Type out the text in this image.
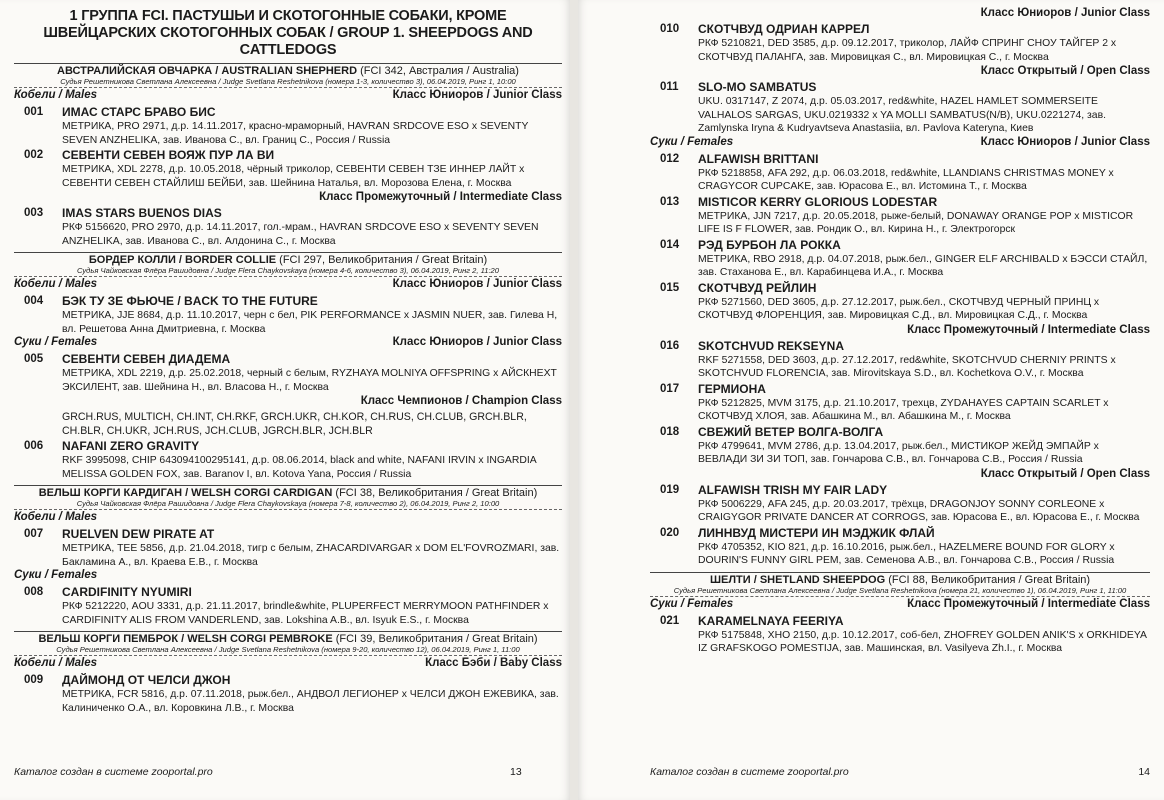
1 ГРУППА FCI. ПАСТУШЬИ И СКОТОГОННЫЕ СОБАКИ, КРОМЕ ШВЕЙЦАРСКИХ СКОТОГОННЫХ СОБАК / GROUP 1. SHEEPDOGS AND CATTLEDOGS
АВСТРАЛИЙСКАЯ ОВЧАРКА / AUSTRALIAN SHEPHERD (FCI 342, Австралия / Australia)
Судья Решетникова Светлана Алексеевна / Judge Svetlana Reshetnikova (номера 1-3, количество 3), 06.04.2019, Ринг 1, 10:00
Кобели / Males	Класс Юниоров / Junior Class
001	ИМАС СТАРС БРАВО БИС
МЕТРИКА, PRO 2971, д.р. 14.11.2017, красно-мраморный, HAVRAN SRDCOVE ESO x SEVENTY SEVEN ANZHELIKA, зав. Иванова С., вл. Границ С., Россия / Russia
002	СЕВЕНТИ СЕВЕН ВОЯЖ ПУР ЛА ВИ
МЕТРИКА, XDL 2278, д.р. 10.05.2018, чёрный триколор, СЕВЕНТИ СЕВЕН ТЗЕ ИННЕР ЛАЙТ x СЕВЕНТИ СЕВЕН СТАЙЛИШ БЕЙБИ, зав. Шейнина Наталья, вл. Морозова Елена, г. Москва
Класс Промежуточный / Intermediate Class
003	IMAS STARS BUENOS DIAS
РКФ 5156620, PRO 2970, д.р. 14.11.2017, гол.-мрам., HAVRAN SRDCOVE ESO x SEVENTY SEVEN ANZHELIKA, зав. Иванова С., вл. Алдонина С., г. Москва
БОРДЕР КОЛЛИ / BORDER COLLIE (FCI 297, Великобритания / Great Britain)
Судья Чайковская Флёра Рашидовна / Judge Flera Chaykovskaya (номера 4-6, количество 3), 06.04.2019, Ринг 2, 11:20
Кобели / Males	Класс Юниоров / Junior Class
004	БЭК ТУ ЗЕ ФЬЮЧЕ / BACK TO THE FUTURE
МЕТРИКА, JJE 8684, д.р. 11.10.2017, черн с бел, PIK PERFORMANCE x JASMIN NUER, зав. Гилева Н, вл. Решетова Анна Дмитриевна, г. Москва
Суки / Females	Класс Юниоров / Junior Class
005	СЕВЕНТИ СЕВЕН ДИАДЕМА
МЕТРИКА, XDL 2219, д.р. 25.02.2018, черный с белым, RYZHAYA MOLNIYA OFFSPRING x АЙСКНЕХТ ЭКСИЛЕНТ, зав. Шейнина Н., вл. Власова Н., г. Москва
Класс Чемпионов / Champion Class
GRCH.RUS, MULTICH, CH.INT, CH.RKF, GRCH.UKR, CH.KOR, CH.RUS, CH.CLUB, GRCH.BLR, CH.BLR, CH.UKR, JCH.RUS, JCH.CLUB, JGRCH.BLR, JCH.BLR
006	NAFANI ZERO GRAVITY
RKF 3995098, CHIP 643094100295141, д.р. 08.06.2014, black and white, NAFANI IRVIN x INGARDIA MELISSA GOLDEN FOX, зав. Baranov I, вл. Kotova Yana, Россия / Russia
ВЕЛЬШ КОРГИ КАРДИГАН / WELSH CORGI CARDIGAN (FCI 38, Великобритания / Great Britain)
Судья Чайковская Флёра Рашидовна / Judge Flera Chaykovskaya (номера 7-8, количество 2), 06.04.2019, Ринг 2, 10:00
Кобели / Males
007	RUELVEN DEW PIRATE AT
МЕТРИКА, TEE 5856, д.р. 21.04.2018, тигр с белым, ZHACARDIVARGAR x DOM EL'FOVROZMARI, зав. Бакламина А., вл. Краева Е.В., г. Москва
Суки / Females
008	CARDIFINITY NYUMIRI
РКФ 5212220, AOU 3331, д.р. 21.11.2017, brindle&white, PLUPERFECT MERRYMOON PATHFINDER x CARDIFINITY ALIS FROM VANDERLEND, зав. Lokshina A.B., вл. Isyuk E.S., г. Москва
ВЕЛЬШ КОРГИ ПЕМБРОК / WELSH CORGI PEMBROKE (FCI 39, Великобритания / Great Britain)
Судья Решетникова Светлана Алексеевна / Judge Svetlana Reshetnikova (номера 9-20, количество 12), 06.04.2019, Ринг 1, 11:00
Кобели / Males	Класс Бэби / Baby Class
009	ДАЙМОНД ОТ ЧЕЛСИ ДЖОН
МЕТРИКА, FCR 5816, д.р. 07.11.2018, рыж.бел., АНДВОЛ ЛЕГИОНЕР x ЧЕЛСИ ДЖОН ЕЖЕВИКА, зав. Калиниченко О.А., вл. Коровкина Л.В., г. Москва
Каталог создан в системе zooportal.pro	13
Класс Юниоров / Junior Class
010	СКОТЧВУД ОДРИАН КАРРЕЛ
РКФ 5210821, DED 3585, д.р. 09.12.2017, триколор, ЛАЙФ СПРИНГ СНОУ ТАЙГЕР 2 x СКОТЧВУД ПАЛАНГА, зав. Мировицкая С., вл. Мировицкая С., г. Москва
Класс Открытый / Open Class
011	SLO-MO SAMBATUS
UKU. 0317147, Z 2074, д.р. 05.03.2017, red&white, HAZEL HAMLET SOMMERSEITE VALHALOS SARGAS, UKU.0219332 x YA MOLLI SAMBATUS(N/B), UKU.0221274, зав. Zamlynska Iryna & Kudryavtseva Anastasiia, вл. Pavlova Kateryna, Киев
Суки / Females	Класс Юниоров / Junior Class
012	ALFAWISH BRITTANI
РКФ 5218858, AFA 292, д.р. 06.03.2018, red&white, LLANDIANS CHRISTMAS MONEY x CRAGYCOR CUPCAKE, зав. Юрасова Е., вл. Истомина Т., г. Москва
013	MISTICOR KERRY GLORIOUS LODESTAR
МЕТРИКА, JJN 7217, д.р. 20.05.2018, рыже-белый, DONAWAY ORANGE POP x MISTICOR LIFE IS F FLOWER, зав. Рондик О., вл. Кирина Н., г. Электрогорск
014	РЭД БУРБОН ЛА РОККА
МЕТРИКА, RBO 2918, д.р. 04.07.2018, рыж.бел., GINGER ELF ARCHIBALD x БЭССИ СТАЙЛ, зав. Стаханова Е., вл. Карабинцева И.А., г. Москва
015	СКОТЧВУД РЕЙЛИН
РКФ 5271560, DED 3605, д.р. 27.12.2017, рыж.бел., СКОТЧВУД ЧЕРНЫЙ ПРИНЦ x СКОТЧВУД ФЛОРЕНЦИЯ, зав. Мировицкая С.Д., вл. Мировицкая С.Д., г. Москва
Класс Промежуточный / Intermediate Class
016	SKOTCHVUD REKSEYNA
RKF 5271558, DED 3603, д.р. 27.12.2017, red&white, SKOTCHVUD CHERNIY PRINTS x SKOTCHVUD FLORENCIA, зав. Mirovitskaya S.D., вл. Kochetkova O.V., г. Москва
017	ГЕРМИОНА
РКФ 5212825, MVM 3175, д.р. 21.10.2017, трехцв, ZYDAHAYES CAPTAIN SCARLET x СКОТЧВУД ХЛОЯ, зав. Абашкина М., вл. Абашкина М., г. Москва
018	СВЕЖИЙ ВЕТЕР ВОЛГА-ВОЛГА
РКФ 4799641, MVM 2786, д.р. 13.04.2017, рыж.бел., МИСТИКОР ЖЕЙД ЭМПАЙР x ВЕВЛАДИ ЗИ ЗИ ТОП, зав. Гончарова С.В., вл. Гончарова С.В., Россия / Russia
Класс Открытый / Open Class
019	ALFAWISH TRISH MY FAIR LADY
РКФ 5006229, AFA 245, д.р. 20.03.2017, трёхцв, DRAGONJOY SONNY CORLEONE x CRAIGYGOR PRIVATE DANCER AT CORROGS, зав. Юрасова Е., вл. Юрасова Е., г. Москва
020	ЛИННВУД МИСТЕРИ ИН МЭДЖИК ФЛАЙ
РКФ 4705352, KIO 821, д.р. 16.10.2016, рыж.бел., HAZELMERE BOUND FOR GLORY x DOURIN'S FUNNY GIRL PEM, зав. Семенова А.В., вл. Гончарова С.В., Россия / Russia
ШЕЛТИ / SHETLAND SHEEPDOG (FCI 88, Великобритания / Great Britain)
Судья Решетникова Светлана Алексеевна / Judge Svetlana Reshetnikova (номера 21, количество 1), 06.04.2019, Ринг 1, 11:00
Суки / Females	Класс Промежуточный / Intermediate Class
021	KARAMELNAYA FEERIYA
РКФ 5175848, XHO 2150, д.р. 10.12.2017, соб-бел, ZHOFREY GOLDEN ANIK'S x ORKHIDEYA IZ GRAFSKOGO POMESTIJA, зав. Машинская, вл. Vasilyeva Zh.I., г. Москва
Каталог создан в системе zooportal.pro	14
